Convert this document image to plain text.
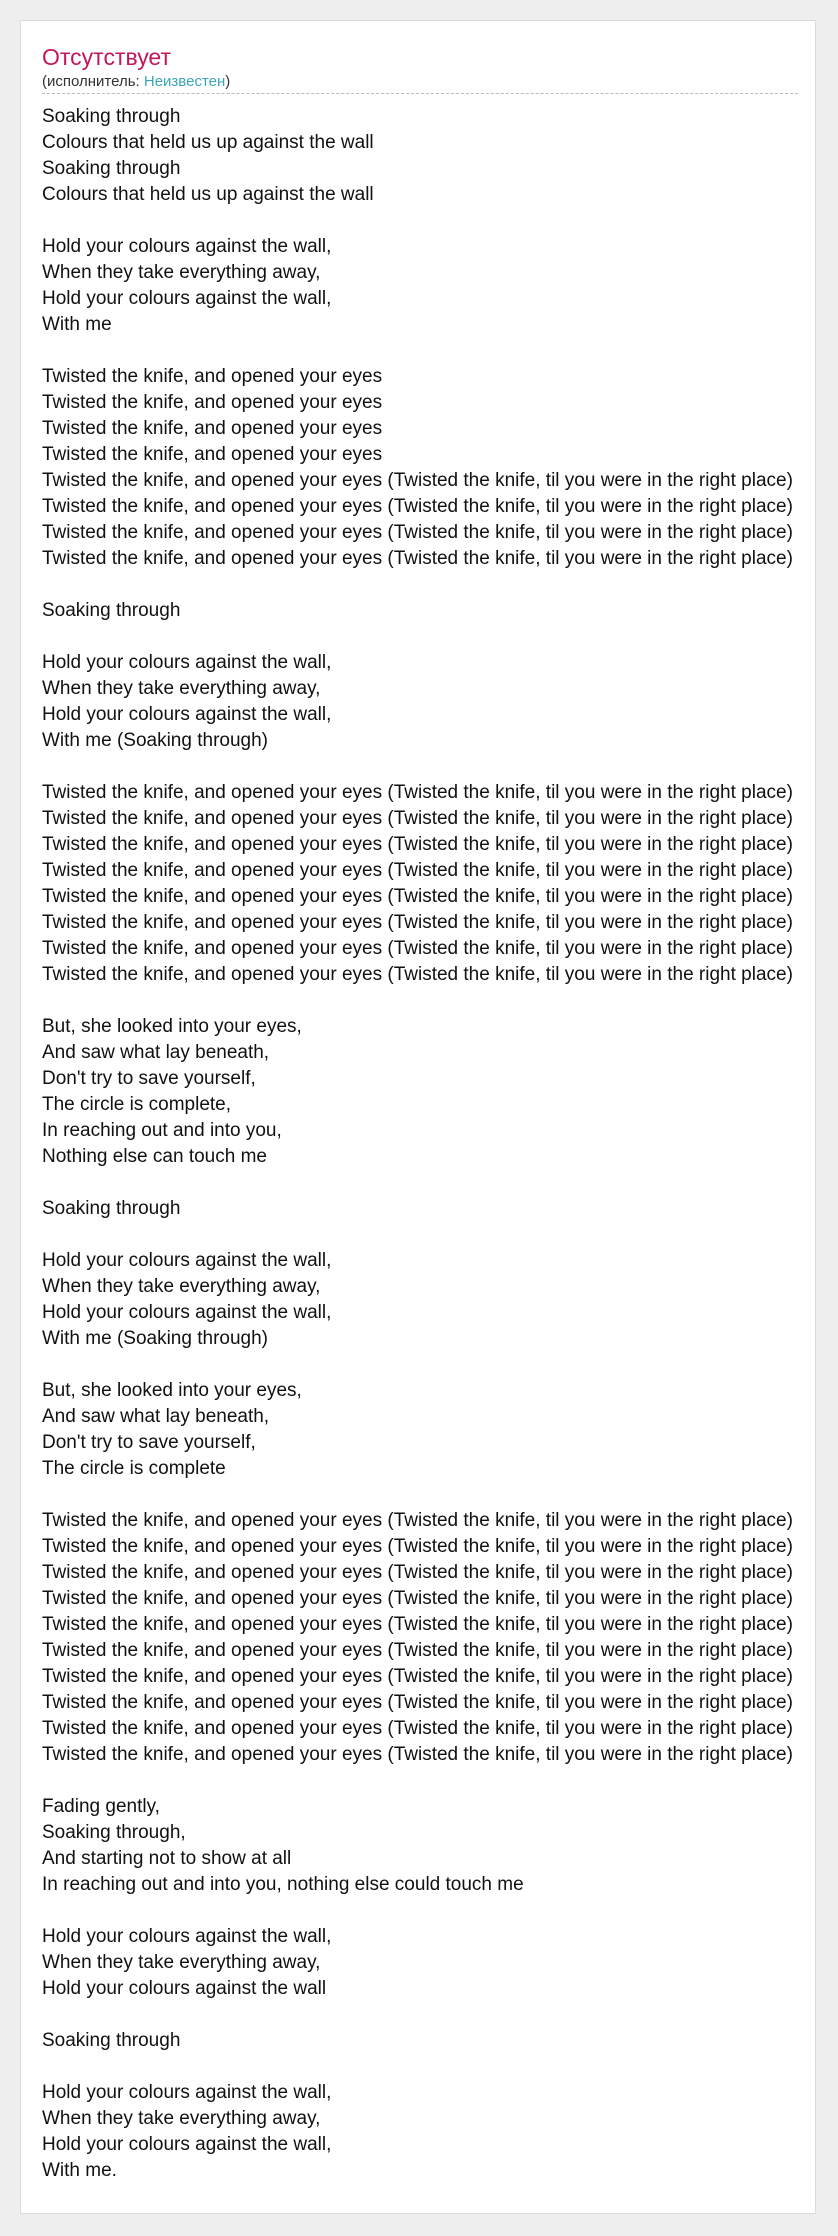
Отсутствует
(исполнитель: Неизвестен)
Soaking through
Colours that held us up against the wall
Soaking through
Colours that held us up against the wall
Hold your colours against the wall,
When they take everything away,
Hold your colours against the wall,
With me
Twisted the knife, and opened your eyes
Twisted the knife, and opened your eyes
Twisted the knife, and opened your eyes
Twisted the knife, and opened your eyes
Twisted the knife, and opened your eyes (Twisted the knife, til you were in the right place)
Twisted the knife, and opened your eyes (Twisted the knife, til you were in the right place)
Twisted the knife, and opened your eyes (Twisted the knife, til you were in the right place)
Twisted the knife, and opened your eyes (Twisted the knife, til you were in the right place)
Soaking through
Hold your colours against the wall,
When they take everything away,
Hold your colours against the wall,
With me (Soaking through)
Twisted the knife, and opened your eyes (Twisted the knife, til you were in the right place)
Twisted the knife, and opened your eyes (Twisted the knife, til you were in the right place)
Twisted the knife, and opened your eyes (Twisted the knife, til you were in the right place)
Twisted the knife, and opened your eyes (Twisted the knife, til you were in the right place)
Twisted the knife, and opened your eyes (Twisted the knife, til you were in the right place)
Twisted the knife, and opened your eyes (Twisted the knife, til you were in the right place)
Twisted the knife, and opened your eyes (Twisted the knife, til you were in the right place)
Twisted the knife, and opened your eyes (Twisted the knife, til you were in the right place)
But, she looked into your eyes,
And saw what lay beneath,
Don't try to save yourself,
The circle is complete,
In reaching out and into you,
Nothing else can touch me
Soaking through
Hold your colours against the wall,
When they take everything away,
Hold your colours against the wall,
With me (Soaking through)
But, she looked into your eyes,
And saw what lay beneath,
Don't try to save yourself,
The circle is complete
Twisted the knife, and opened your eyes (Twisted the knife, til you were in the right place)
Twisted the knife, and opened your eyes (Twisted the knife, til you were in the right place)
Twisted the knife, and opened your eyes (Twisted the knife, til you were in the right place)
Twisted the knife, and opened your eyes (Twisted the knife, til you were in the right place)
Twisted the knife, and opened your eyes (Twisted the knife, til you were in the right place)
Twisted the knife, and opened your eyes (Twisted the knife, til you were in the right place)
Twisted the knife, and opened your eyes (Twisted the knife, til you were in the right place)
Twisted the knife, and opened your eyes (Twisted the knife, til you were in the right place)
Twisted the knife, and opened your eyes (Twisted the knife, til you were in the right place)
Twisted the knife, and opened your eyes (Twisted the knife, til you were in the right place)
Fading gently,
Soaking through,
And starting not to show at all
In reaching out and into you, nothing else could touch me
Hold your colours against the wall,
When they take everything away,
Hold your colours against the wall
Soaking through
Hold your colours against the wall,
When they take everything away,
Hold your colours against the wall,
With me.
